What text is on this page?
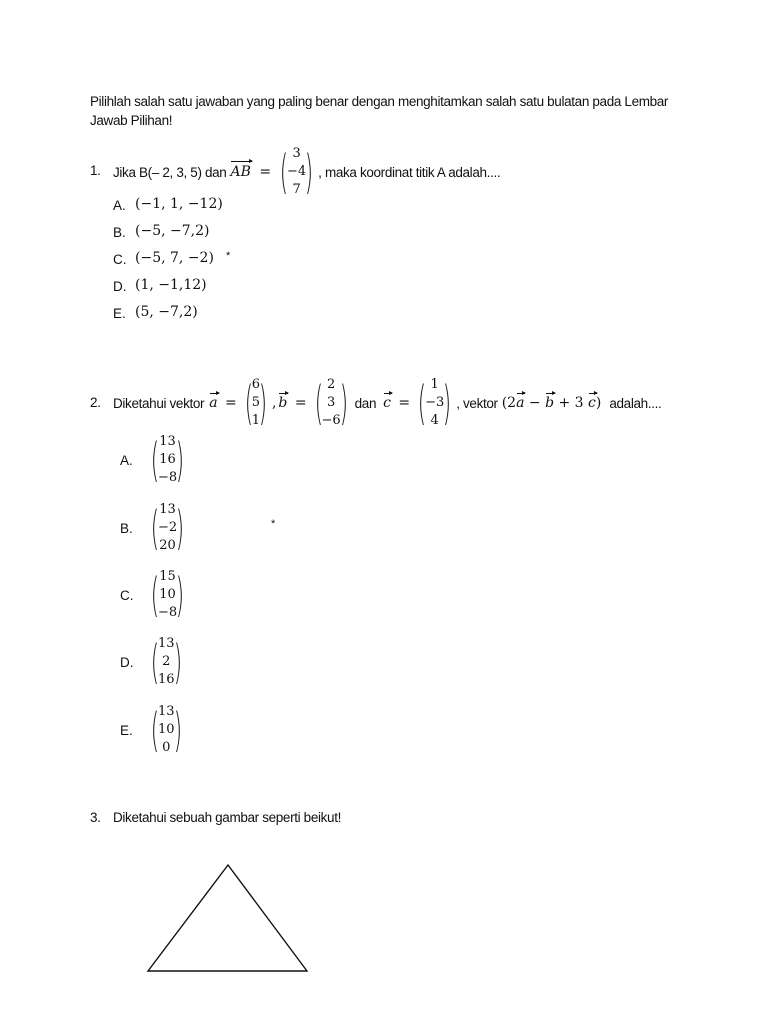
Pilihlah salah satu jawaban yang paling benar dengan menghitamkan salah satu bulatan pada Lembar
Jawab Pilihan!
1. Jika B(– 2, 3, 5) dan AB = ( 3
−4
7 ) , maka koordinat titik A adalah....
A. (−1, 1, −12)
B. (−5, −7,2)
C. (−5, 7, −2) *
D. (1, −1,12)
E. (5, −7,2)
2. Diketahui vektor a = (
6
5
1
) , b = ( 2
3
−6
) dan c = ( 1
−3
4 ) , vektor (2a − b + 3 c) adalah....
A. ( 13
16
−8
)
B. ( 13
−2
20 )	*
C. ( 15
10
−8
)
D. (
13
2
16
)
E. (
13
10
0 )
3. Diketahui sebuah gambar seperti beikut!
